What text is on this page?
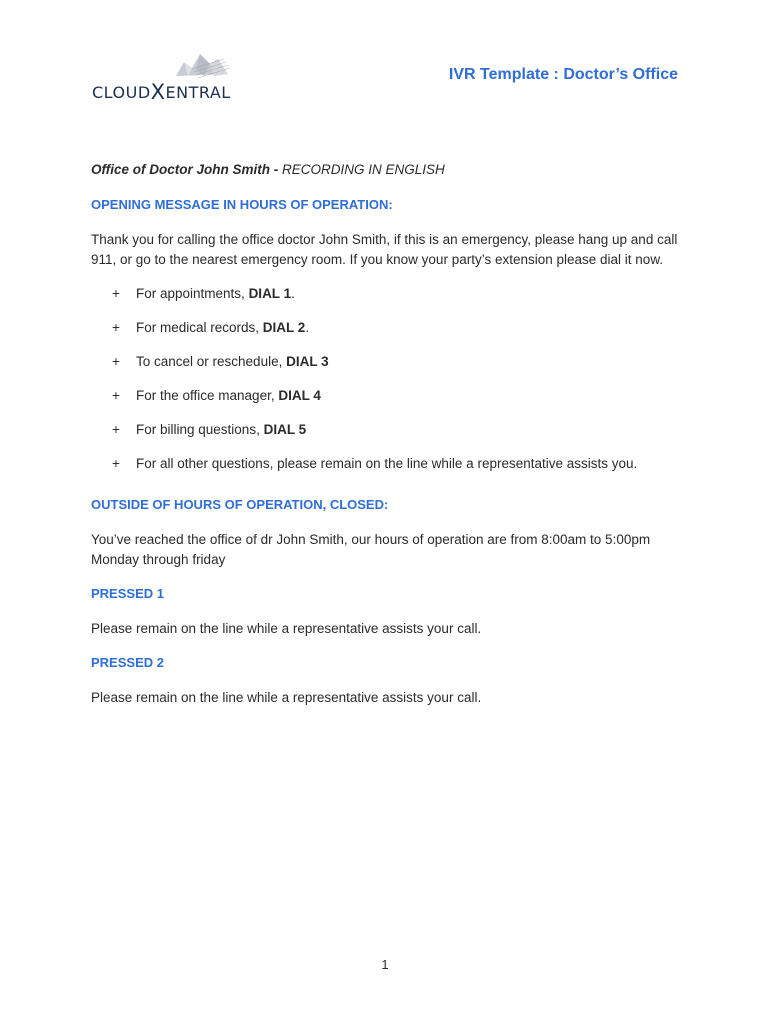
CLOUDXENTRAL
IVR Template : Doctor’s Office

Office of Doctor John Smith - RECORDING IN ENGLISH

OPENING MESSAGE IN HOURS OF OPERATION:

Thank you for calling the office doctor John Smith, if this is an emergency, please hang up and call 911, or go to the nearest emergency room. If you know your party’s extension please dial it now.

+ For appointments, DIAL 1.
+ For medical records, DIAL 2.
+ To cancel or reschedule, DIAL 3
+ For the office manager, DIAL 4
+ For billing questions, DIAL 5
+ For all other questions, please remain on the line while a representative assists you.
OUTSIDE OF HOURS OF OPERATION, CLOSED:

You’ve reached the office of dr John Smith, our hours of operation are from 8:00am to 5:00pm Monday through friday

PRESSED 1

Please remain on the line while a representative assists your call.

PRESSED 2

Please remain on the line while a representative assists your call.

1
